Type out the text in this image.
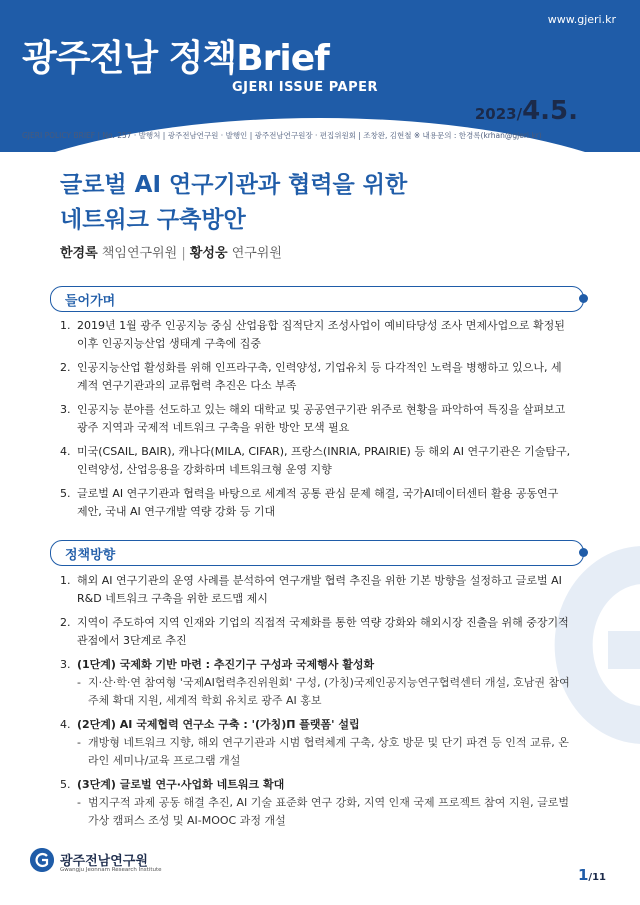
www.gjeri.kr
광주전남 정책Brief
GJERI ISSUE PAPER
2023/4.5.
GJERI POLICY BRIEF | No. 257 · 발행처 | 광주전남연구원 · 발행인 | 광주전남연구원장 · 편집위원회 | 조창완, 김현철 ※ 내용문의 : 한경록(krhan@gjeri.kr)
글로벌 AI 연구기관과 협력을 위한
네트워크 구축방안
한경록 책임연구위원 | 황성웅 연구위원
들어가며
1. 2019년 1월 광주 인공지능 중심 산업융합 집적단지 조성사업이 예비타당성 조사 면제사업으로 확정된 이후 인공지능산업 생태계 구축에 집중
2. 인공지능산업 활성화를 위해 인프라구축, 인력양성, 기업유치 등 다각적인 노력을 병행하고 있으나, 세계적 연구기관과의 교류협력 추진은 다소 부족
3. 인공지능 분야를 선도하고 있는 해외 대학교 및 공공연구기관 위주로 현황을 파악하여 특징을 살펴보고 광주 지역과 국제적 네트워크 구축을 위한 방안 모색 필요
4. 미국(CSAIL, BAIR), 캐나다(MILA, CIFAR), 프랑스(INRIA, PRAIRIE) 등 해외 AI 연구기관은 기술탐구, 인력양성, 산업응용을 강화하며 네트워크형 운영 지향
5. 글로벌 AI 연구기관과 협력을 바탕으로 세계적 공통 관심 문제 해결, 국가AI데이터센터 활용 공동연구 제안, 국내 AI 연구개발 역량 강화 등 기대
정책방향
1. 해외 AI 연구기관의 운영 사례를 분석하여 연구개발 협력 추진을 위한 기본 방향을 설정하고 글로벌 AI R&D 네트워크 구축을 위한 로드맵 제시
2. 지역이 주도하여 지역 인재와 기업의 직접적 국제화를 통한 역량 강화와 해외시장 진출을 위해 중장기적 관점에서 3단계로 추진
3. (1단계) 국제화 기반 마련 : 추진기구 구성과 국제행사 활성화
- 지·산·학·연 참여형 '국제AI협력추진위원회' 구성, (가칭)국제인공지능연구협력센터 개설, 호남권 참여주체 확대 지원, 세계적 학회 유치로 광주 AI 홍보
4. (2단계) AI 국제협력 연구소 구축 : '(가칭)Π 플랫폼' 설립
- 개방형 네트워크 지향, 해외 연구기관과 시범 협력체계 구축, 상호 방문 및 단기 파견 등 인적 교류, 온라인 세미나/교육 프로그램 개설
5. (3단계) 글로벌 연구·사업화 네트워크 확대
- 범지구적 과제 공동 해결 추진, AI 기술 표준화 연구 강화, 지역 인재 국제 프로젝트 참여 지원, 글로벌 가상 캠퍼스 조성 및 AI-MOOC 과정 개설
광주전남연구원
Gwangju Jeonnam Research Institute	1/11
